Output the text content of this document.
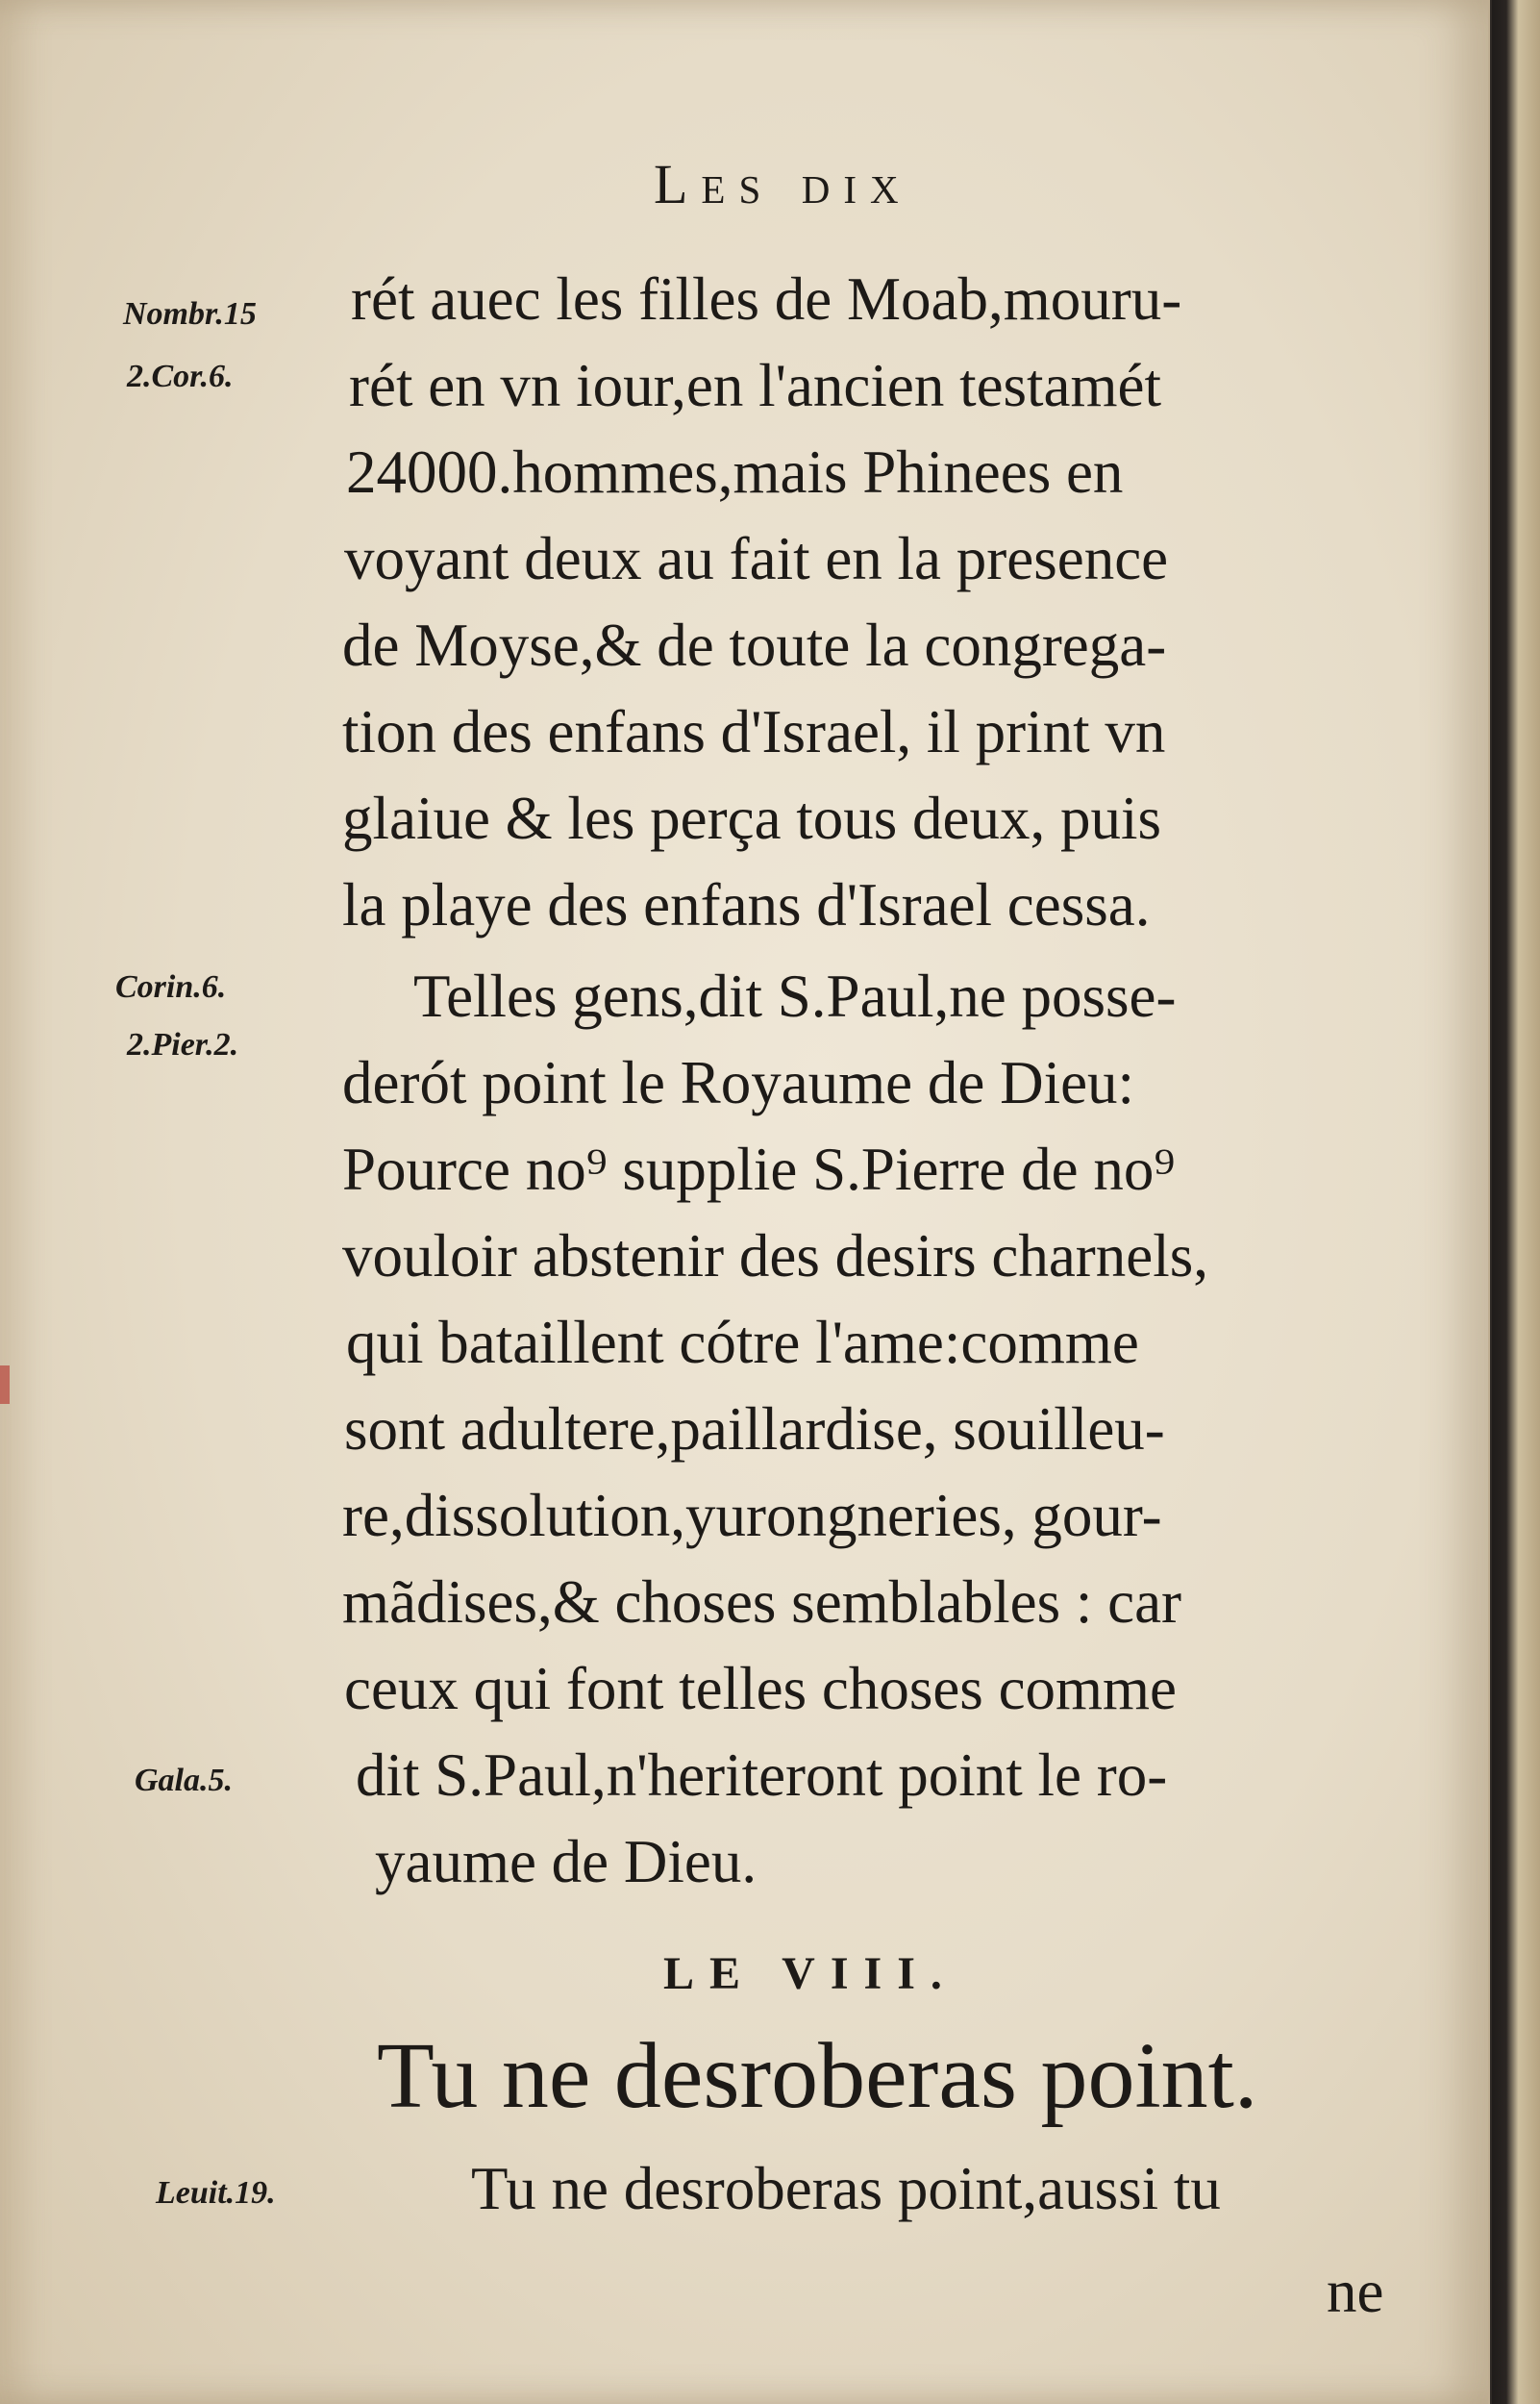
Les dix
Nombr.15
2.Cor.6.
Corin.6.
2.Pier.2.
Gala.5.
Leuit.19.
rét auec les filles de Moab,mouru-
rét en vn iour,en l'ancien testamét
24000.hommes,mais Phinees en
voyant deux au fait en la presence
de Moyse,& de toute la congrega-
tion des enfans d'Israel, il print vn
glaiue & les perça tous deux, puis
la playe des enfans d'Israel cessa.
Telles gens,dit S.Paul,ne posse-
derót point le Royaume de Dieu:
Pource no⁹ supplie S.Pierre de no⁹
vouloir abstenir des desirs charnels,
qui bataillent cótre l'ame:comme
sont adultere,paillardise, souilleu-
re,dissolution,yurongneries, gour-
mãdises,& choses semblables : car
ceux qui font telles choses comme
dit S.Paul,n'heriteront point le ro-
yaume de Dieu.
LE VIII.
Tu ne desroberas point.
Tu ne desroberas point,aussi tu
ne
